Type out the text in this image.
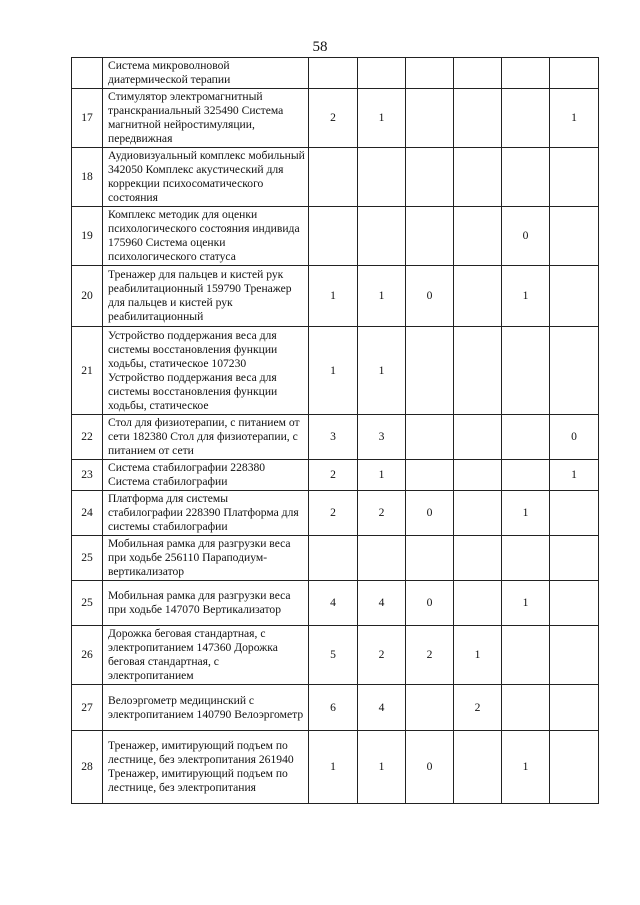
58
	Система микроволновой диатермической терапии						
17	Стимулятор электромагнитный транскраниальный 325490 Система магнитной нейростимуляции, передвижная	2	1				1
18	Аудиовизуальный комплекс мобильный 342050 Комплекс акустический для коррекции психосоматического состояния						
19	Комплекс методик для оценки психологического состояния индивида 175960 Система оценки психологического статуса					0	
20	Тренажер для пальцев и кистей рук реабилитационный 159790 Тренажер для пальцев и кистей рук реабилитационный	1	1	0		1	
21	Устройство поддержания веса для системы восстановления функции ходьбы, статическое 107230 Устройство поддержания веса для системы восстановления функции ходьбы, статическое	1	1				
22	Стол для физиотерапии, с питанием от сети 182380 Стол для физиотерапии, с питанием от сети	3	3				0
23	Система стабилографии 228380 Система стабилографии	2	1				1
24	Платформа для системы стабилографии 228390 Платформа для системы стабилографии	2	2	0		1	
25	Мобильная рамка для разгрузки веса при ходьбе 256110 Параподиум-вертикализатор						
25	Мобильная рамка для разгрузки веса при ходьбе 147070 Вертикализатор	4	4	0		1	
26	Дорожка беговая стандартная, с электропитанием 147360 Дорожка беговая стандартная, с электропитанием	5	2	2	1		
27	Велоэргометр медицинский с электропитанием 140790 Велоэргометр	6	4		2		
28	Тренажер, имитирующий подъем по лестнице, без электропитания 261940 Тренажер, имитирующий подъем по лестнице, без электропитания	1	1	0		1	
